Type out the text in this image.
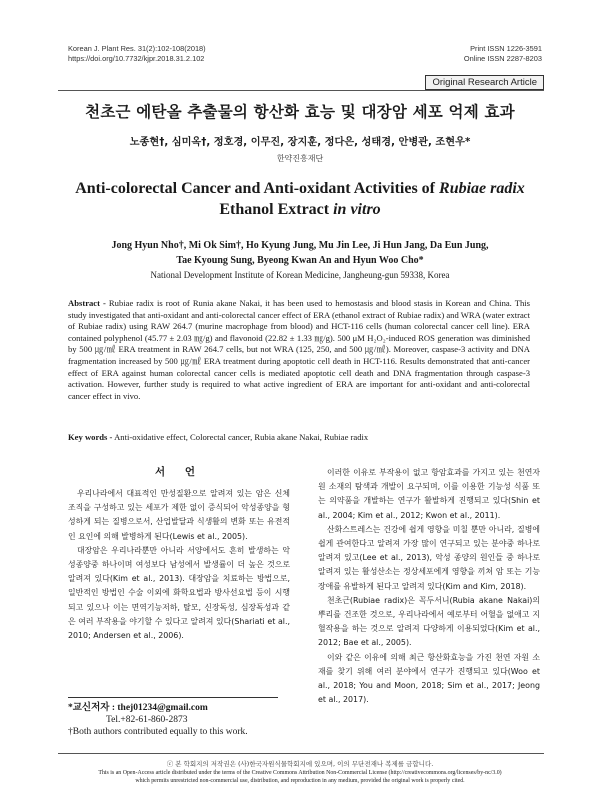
Korean J. Plant Res. 31(2):102-108(2018)
https://doi.org/10.7732/kjpr.2018.31.2.102
Print ISSN 1226-3591
Online ISSN 2287-8203
Original Research Article
천초근 에탄올 추출물의 항산화 효능 및 대장암 세포 억제 효과
노종현†, 심미옥†, 정호경, 이무진, 장지훈, 정다은, 성태경, 안병관, 조현우*
한약진흥재단
Anti-colorectal Cancer and Anti-oxidant Activities of Rubiae radix
Ethanol Extract in vitro
Jong Hyun Nho†, Mi Ok Sim†, Ho Kyung Jung, Mu Jin Lee, Ji Hun Jang, Da Eun Jung,
Tae Kyoung Sung, Byeong Kwan An and Hyun Woo Cho*
National Development Institute of Korean Medicine, Jangheung-gun 59338, Korea
Abstract - Rubiae radix is root of Runia akane Nakai, it has been used to hemostasis and blood stasis in Korean and China. This study investigated that anti-oxidant and anti-colorectal cancer effect of ERA (ethanol extract of Rubiae radix) and WRA (water extract of Rubiae radix) using RAW 264.7 (murine macrophage from blood) and HCT-116 cells (human colorectal cancer cell line). ERA contained polyphenol (45.77 ± 2.03 ㎎/g) and flavonoid (22.82 ± 1.33 ㎎/g). 500 μM H₂O₂-induced ROS generation was diminished by 500 ㎍/㎖ ERA treatment in RAW 264.7 cells, but not WRA (125, 250, and 500 ㎍/㎖). Moreover, caspase-3 activity and DNA fragmentation increased by 500 ㎍/㎖ ERA treatment during apoptotic cell death in HCT-116. Results demonstrated that anti-cancer effect of ERA against human colorectal cancer cells is mediated apoptotic cell death and DNA fragmentation through caspase-3 activation. However, further study is required to what active ingredient of ERA are important for anti-oxidant and anti-colorectal cancer effect in vivo.
Key words - Anti-oxidative effect, Colorectal cancer, Rubia akane Nakai, Rubiae radix
서 언

우리나라에서 대표적인 만성질환으로 알려져 있는 암은 신체 조직을 구성하고 있는 세포가 제한 없이 증식되어 악성종양을 형성하게 되는 질병으로서, 산업발달과 식생활의 변화 또는 유전적인 요인에 의해 발병하게 된다(Lewis et al., 2005).

대장암은 우리나라뿐만 아니라 서양에서도 흔히 발생하는 악성종양중 하나이며 여성보다 남성에서 발생률이 더 높은 것으로 알려져 있다(Kim et al., 2013). 대장암을 치료하는 방법으로, 일반적인 방법인 수술 이외에 화학요법과 방사선요법 등이 시행되고 있으나 이는 면역기능저하, 탈모, 신장독성, 심장독성과 같은 여러 부작용을 야기할 수 있다고 알려져 있다(Shariati et al., 2010; Andersen et al., 2006).

이러한 이유로 부작용이 없고 항암효과를 가지고 있는 천연자원 소재의 탐색과 개발이 요구되며, 이를 이용한 기능성 식품 또는 의약품을 개발하는 연구가 활발하게 진행되고 있다(Shin et al., 2004; Kim et al., 2012; Kwon et al., 2011).

산화스트레스는 건강에 쉽게 영향을 미칠 뿐만 아니라, 질병에 쉽게 관여한다고 알려져 가장 많이 연구되고 있는 분야중 하나로 알려져 있고(Lee et al., 2013), 악성 종양의 원인들 중 하나로 알려져 있는 활성산소는 정상세포에게 영향을 끼쳐 암 또는 기능장애를 유발하게 된다고 알려져 있다(Kim and Kim, 2018).

천초근(Rubiae radix)은 꼭두서니(Rubia akane Nakai)의 뿌리를 건조한 것으로, 우리나라에서 예로부터 어혈을 없애고 지혈작용을 하는 것으로 알려져 다양하게 이용되었다(Kim et al., 2012; Bae et al., 2005).

이와 같은 이유에 의해 최근 항산화효능을 가진 천연 자원 소재를 찾기 위해 여러 분야에서 연구가 진행되고 있다(Woo et al., 2018; You and Moon, 2018; Sim et al., 2017; Jeong et al., 2017).

*교신저자 : thej01234@gmail.com
Tel.+82-61-860-2873
†Both authors contributed equally to this work.
ⓒ 본 학회지의 저작권은 (사)한국자원식물학회지에 있으며, 이의 무단전재나 복제를 금합니다.
This is an Open-Access article distributed under the terms of the Creative Commons Attribution Non-Commercial License (http://creativecommons.org/licenses/by-nc/3.0)
which permits unrestricted non-commercial use, distribution, and reproduction in any medium, provided the original work is properly cited.
